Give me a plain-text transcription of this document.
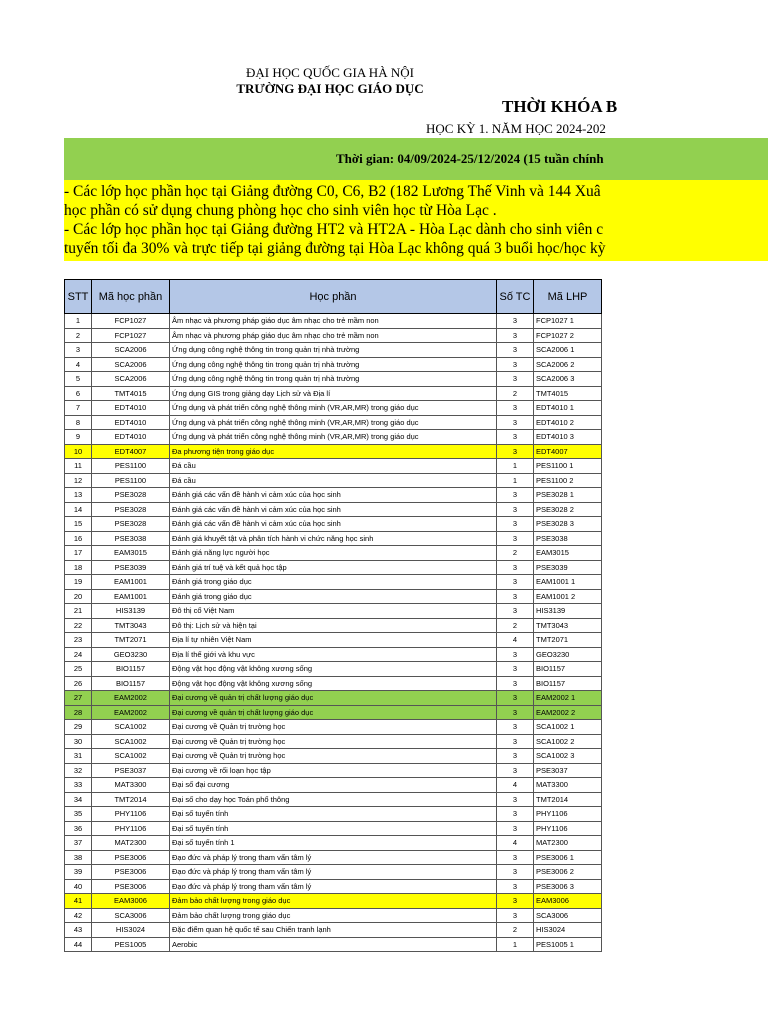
ĐẠI HỌC QUỐC GIA HÀ NỘI
TRƯỜNG ĐẠI HỌC GIÁO DỤC
THỜI KHÓA B
HỌC KỲ 1. NĂM HỌC 2024-202
Thời gian: 04/09/2024-25/12/2024 (15 tuần chính
- Các lớp học phần học tại Giảng đường C0, C6, B2 (182 Lương Thế Vinh và 144 Xuâ
học phần có sử dụng chung phòng học cho sinh viên học từ Hòa Lạc .
- Các lớp học phần học tại Giảng đường HT2 và HT2A - Hòa Lạc dành cho sinh viên c
tuyến tối đa 30% và trực tiếp tại giảng đường tại Hòa Lạc không quá 3 buổi học/học kỳ
STT	Mã học phần	Học phần	Số TC	Mã LHP
1	FCP1027	Âm nhạc và phương pháp giáo dục âm nhạc cho trẻ mầm non	3	FCP1027 1
2	FCP1027	Âm nhạc và phương pháp giáo dục âm nhạc cho trẻ mầm non	3	FCP1027 2
3	SCA2006	Ứng dụng công nghệ thông tin trong quản trị nhà trường	3	SCA2006 1
4	SCA2006	Ứng dụng công nghệ thông tin trong quản trị nhà trường	3	SCA2006 2
5	SCA2006	Ứng dụng công nghệ thông tin trong quản trị nhà trường	3	SCA2006 3
6	TMT4015	Ứng dụng GIS trong giảng dạy Lịch sử và Địa lí	2	TMT4015
7	EDT4010	Ứng dụng và phát triển công nghệ thông minh (VR,AR,MR) trong giáo dục	3	EDT4010 1
8	EDT4010	Ứng dụng và phát triển công nghệ thông minh (VR,AR,MR) trong giáo dục	3	EDT4010 2
9	EDT4010	Ứng dụng và phát triển công nghệ thông minh (VR,AR,MR) trong giáo dục	3	EDT4010 3
10	EDT4007	Đa phương tiện trong giáo dục	3	EDT4007
11	PES1100	Đá cầu	1	PES1100 1
12	PES1100	Đá cầu	1	PES1100 2
13	PSE3028	Đánh giá các vấn đề hành vi cảm xúc của học sinh	3	PSE3028 1
14	PSE3028	Đánh giá các vấn đề hành vi cảm xúc của học sinh	3	PSE3028 2
15	PSE3028	Đánh giá các vấn đề hành vi cảm xúc của học sinh	3	PSE3028 3
16	PSE3038	Đánh giá khuyết tật và phân tích hành vi chức năng học sinh	3	PSE3038
17	EAM3015	Đánh giá năng lực người học	2	EAM3015
18	PSE3039	Đánh giá trí tuệ và kết quả học tập	3	PSE3039
19	EAM1001	Đánh giá trong giáo dục	3	EAM1001 1
20	EAM1001	Đánh giá trong giáo dục	3	EAM1001 2
21	HIS3139	Đô thị cổ Việt Nam	3	HIS3139
22	TMT3043	Đô thị: Lịch sử và hiện tại	2	TMT3043
23	TMT2071	Địa lí tự nhiên Việt Nam	4	TMT2071
24	GEO3230	Địa lí thế giới và khu vực	3	GEO3230
25	BIO1157	Động vật học động vật không xương sống	3	BIO1157
26	BIO1157	Động vật học động vật không xương sống	3	BIO1157
27	EAM2002	Đại cương về quản trị chất lượng giáo dục	3	EAM2002 1
28	EAM2002	Đại cương về quản trị chất lượng giáo dục	3	EAM2002 2
29	SCA1002	Đại cương về Quản trị trường học	3	SCA1002 1
30	SCA1002	Đại cương về Quản trị trường học	3	SCA1002 2
31	SCA1002	Đại cương về Quản trị trường học	3	SCA1002 3
32	PSE3037	Đại cương về rối loạn học tập	3	PSE3037
33	MAT3300	Đại số đại cương	4	MAT3300
34	TMT2014	Đại số cho dạy học Toán phổ thông	3	TMT2014
35	PHY1106	Đại số tuyến tính	3	PHY1106
36	PHY1106	Đại số tuyến tính	3	PHY1106
37	MAT2300	Đại số tuyến tính 1	4	MAT2300
38	PSE3006	Đạo đức và pháp lý trong tham vấn tâm lý	3	PSE3006 1
39	PSE3006	Đạo đức và pháp lý trong tham vấn tâm lý	3	PSE3006 2
40	PSE3006	Đạo đức và pháp lý trong tham vấn tâm lý	3	PSE3006 3
41	EAM3006	Đảm bảo chất lượng trong giáo dục	3	EAM3006
42	SCA3006	Đảm bảo chất lượng trong giáo dục	3	SCA3006
43	HIS3024	Đặc điểm quan hệ quốc tế sau Chiến tranh lạnh	2	HIS3024
44	PES1005	Aerobic	1	PES1005 1
